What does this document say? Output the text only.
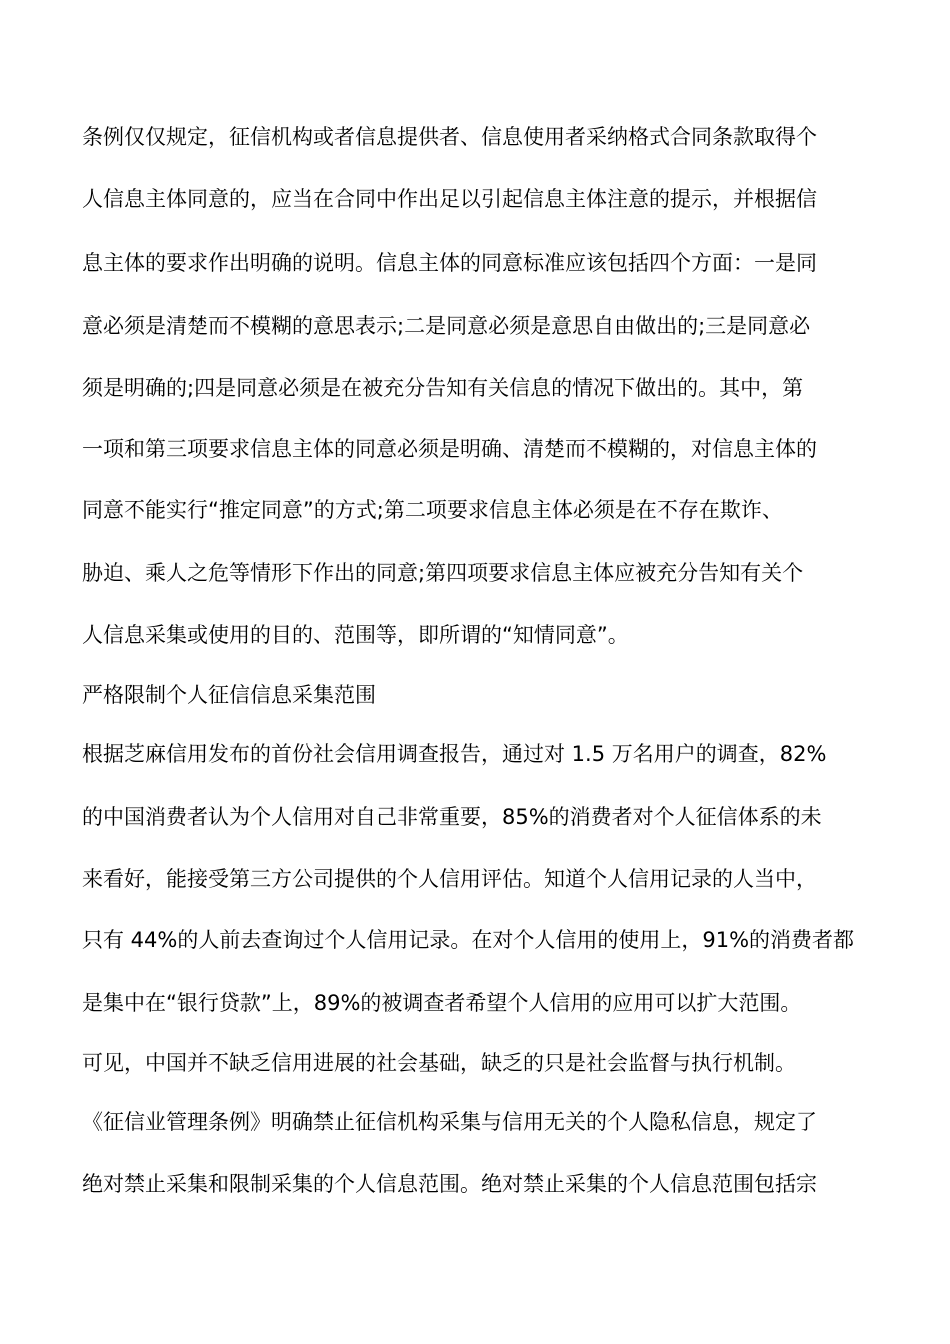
条例仅仅规定，征信机构或者信息提供者、信息使用者采纳格式合同条款取得个
人信息主体同意的，应当在合同中作出足以引起信息主体注意的提示，并根据信
息主体的要求作出明确的说明。信息主体的同意标准应该包括四个方面：一是同
意必须是清楚而不模糊的意思表示;二是同意必须是意思自由做出的;三是同意必
须是明确的;四是同意必须是在被充分告知有关信息的情况下做出的。其中，第
一项和第三项要求信息主体的同意必须是明确、清楚而不模糊的，对信息主体的
同意不能实行“推定同意”的方式;第二项要求信息主体必须是在不存在欺诈、
胁迫、乘人之危等情形下作出的同意;第四项要求信息主体应被充分告知有关个
人信息采集或使用的目的、范围等，即所谓的“知情同意”。
严格限制个人征信信息采集范围
根据芝麻信用发布的首份社会信用调查报告，通过对 1.5 万名用户的调查，82%
的中国消费者认为个人信用对自己非常重要，85%的消费者对个人征信体系的未
来看好，能接受第三方公司提供的个人信用评估。知道个人信用记录的人当中，
只有 44%的人前去查询过个人信用记录。在对个人信用的使用上，91%的消费者都
是集中在“银行贷款”上，89%的被调查者希望个人信用的应用可以扩大范围。
可见，中国并不缺乏信用进展的社会基础，缺乏的只是社会监督与执行机制。
《征信业管理条例》明确禁止征信机构采集与信用无关的个人隐私信息，规定了
绝对禁止采集和限制采集的个人信息范围。绝对禁止采集的个人信息范围包括宗
